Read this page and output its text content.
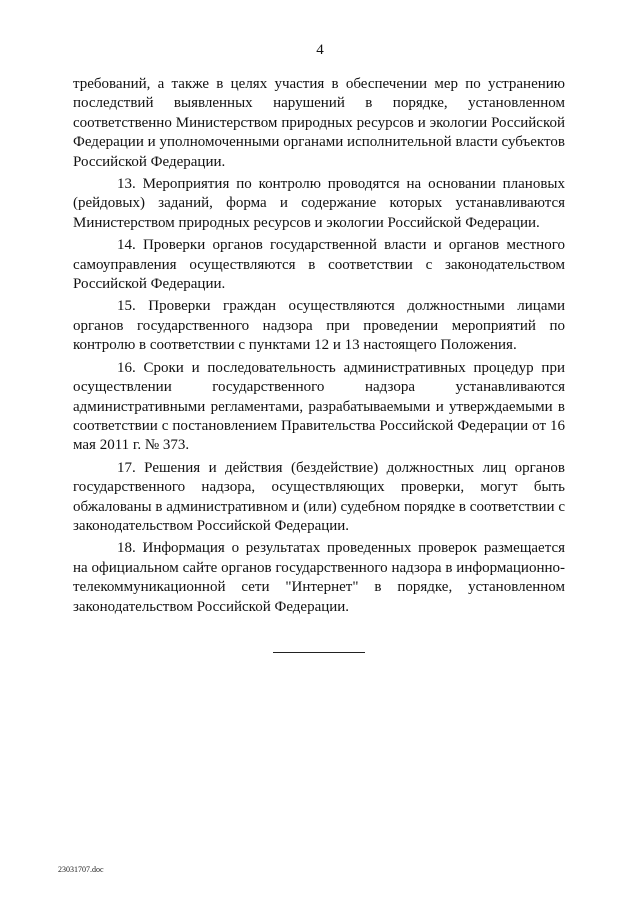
4

требований, а также в целях участия в обеспечении мер по устранению последствий выявленных нарушений в порядке, установленном соответственно Министерством природных ресурсов и экологии Российской Федерации и уполномоченными органами исполнительной власти субъектов Российской Федерации.

13. Мероприятия по контролю проводятся на основании плановых (рейдовых) заданий, форма и содержание которых устанавливаются Министерством природных ресурсов и экологии Российской Федерации.

14. Проверки органов государственной власти и органов местного самоуправления осуществляются в соответствии с законодательством Российской Федерации.

15. Проверки граждан осуществляются должностными лицами органов государственного надзора при проведении мероприятий по контролю в соответствии с пунктами 12 и 13 настоящего Положения.

16. Сроки и последовательность административных процедур при осуществлении государственного надзора устанавливаются административными регламентами, разрабатываемыми и утверждаемыми в соответствии с постановлением Правительства Российской Федерации от 16 мая 2011 г. № 373.

17. Решения и действия (бездействие) должностных лиц органов государственного надзора, осуществляющих проверки, могут быть обжалованы в административном и (или) судебном порядке в соответствии с законодательством Российской Федерации.

18. Информация о результатах проведенных проверок размещается на официальном сайте органов государственного надзора в информационно-телекоммуникационной сети "Интернет" в порядке, установленном законодательством Российской Федерации.

23031707.doc
